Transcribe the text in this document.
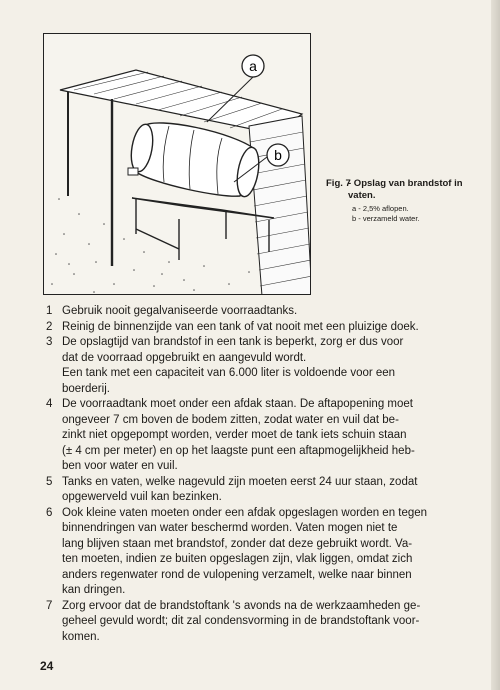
a
b
Fig. 7
- Opslag van brandstof in vaten.
a - 2,5% aflopen.
b - verzameld water.
1 Gebruik nooit gegalvaniseerde voorraadtanks.
2 Reinig de binnenzijde van een tank of vat nooit met een pluizige doek.
3 De opslagtijd van brandstof in een tank is beperkt, zorg er dus voor
dat de voorraad opgebruikt en aangevuld wordt.
Een tank met een capaciteit van 6.000 liter is voldoende voor een
boerderij.
4 De voorraadtank moet onder een afdak staan. De aftapopening moet
ongeveer 7 cm boven de bodem zitten, zodat water en vuil dat be-
zinkt niet opgepompt worden, verder moet de tank iets schuin staan
(± 4 cm per meter) en op het laagste punt een aftapmogelijkheid heb-
ben voor water en vuil.
5 Tanks en vaten, welke nagevuld zijn moeten eerst 24 uur staan, zodat
opgewerveld vuil kan bezinken.
6 Ook kleine vaten moeten onder een afdak opgeslagen worden en tegen
binnendringen van water beschermd worden. Vaten mogen niet te
lang blijven staan met brandstof, zonder dat deze gebruikt wordt. Va-
ten moeten, indien ze buiten opgeslagen zijn, vlak liggen, omdat zich
anders regenwater rond de vulopening verzamelt, welke naar binnen
kan dringen.
7 Zorg ervoor dat de brandstoftank 's avonds na de werkzaamheden ge-
geheel gevuld wordt; dit zal condensvorming in de brandstoftank voor-
komen.
24
